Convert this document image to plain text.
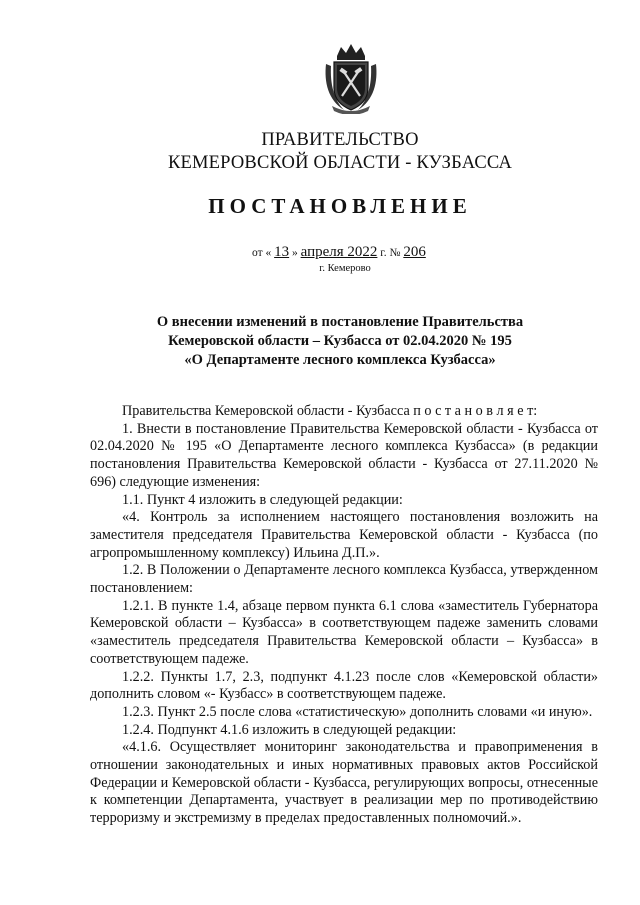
ПРАВИТЕЛЬСТВО
КЕМЕРОВСКОЙ ОБЛАСТИ - КУЗБАССА
ПОСТАНОВЛЕНИЕ
от « 13 » апреля 2022 г. № 206
г. Кемерово
О внесении изменений в постановление Правительства
Кемеровской области – Кузбасса от 02.04.2020 № 195
«О Департаменте лесного комплекса Кузбасса»

Правительства Кемеровской области - Кузбасса п о с т а н о в л я е т:

1. Внести в постановление Правительства Кемеровской области - Кузбасса от 02.04.2020 № 195 «О Департаменте лесного комплекса Кузбасса» (в редакции постановления Правительства Кемеровской области - Кузбасса от 27.11.2020 № 696) следующие изменения:

1.1. Пункт 4 изложить в следующей редакции:

«4. Контроль за исполнением настоящего постановления возложить на заместителя председателя Правительства Кемеровской области - Кузбасса (по агропромышленному комплексу) Ильина Д.П.».

1.2. В Положении о Департаменте лесного комплекса Кузбасса, утвержденном постановлением:

1.2.1. В пункте 1.4, абзаце первом пункта 6.1 слова «заместитель Губернатора Кемеровской области – Кузбасса» в соответствующем падеже заменить словами «заместитель председателя Правительства Кемеровской области – Кузбасса» в соответствующем падеже.

1.2.2. Пункты 1.7, 2.3, подпункт 4.1.23 после слов «Кемеровской области» дополнить словом «- Кузбасс» в соответствующем падеже.

1.2.3. Пункт 2.5 после слова «статистическую» дополнить словами «и иную».

1.2.4. Подпункт 4.1.6 изложить в следующей редакции:

«4.1.6. Осуществляет мониторинг законодательства и правоприменения в отношении законодательных и иных нормативных правовых актов Российской Федерации и Кемеровской области - Кузбасса, регулирующих вопросы, отнесенные к компетенции Департамента, участвует в реализации мер по противодействию терроризму и экстремизму в пределах предоставленных полномочий.».
